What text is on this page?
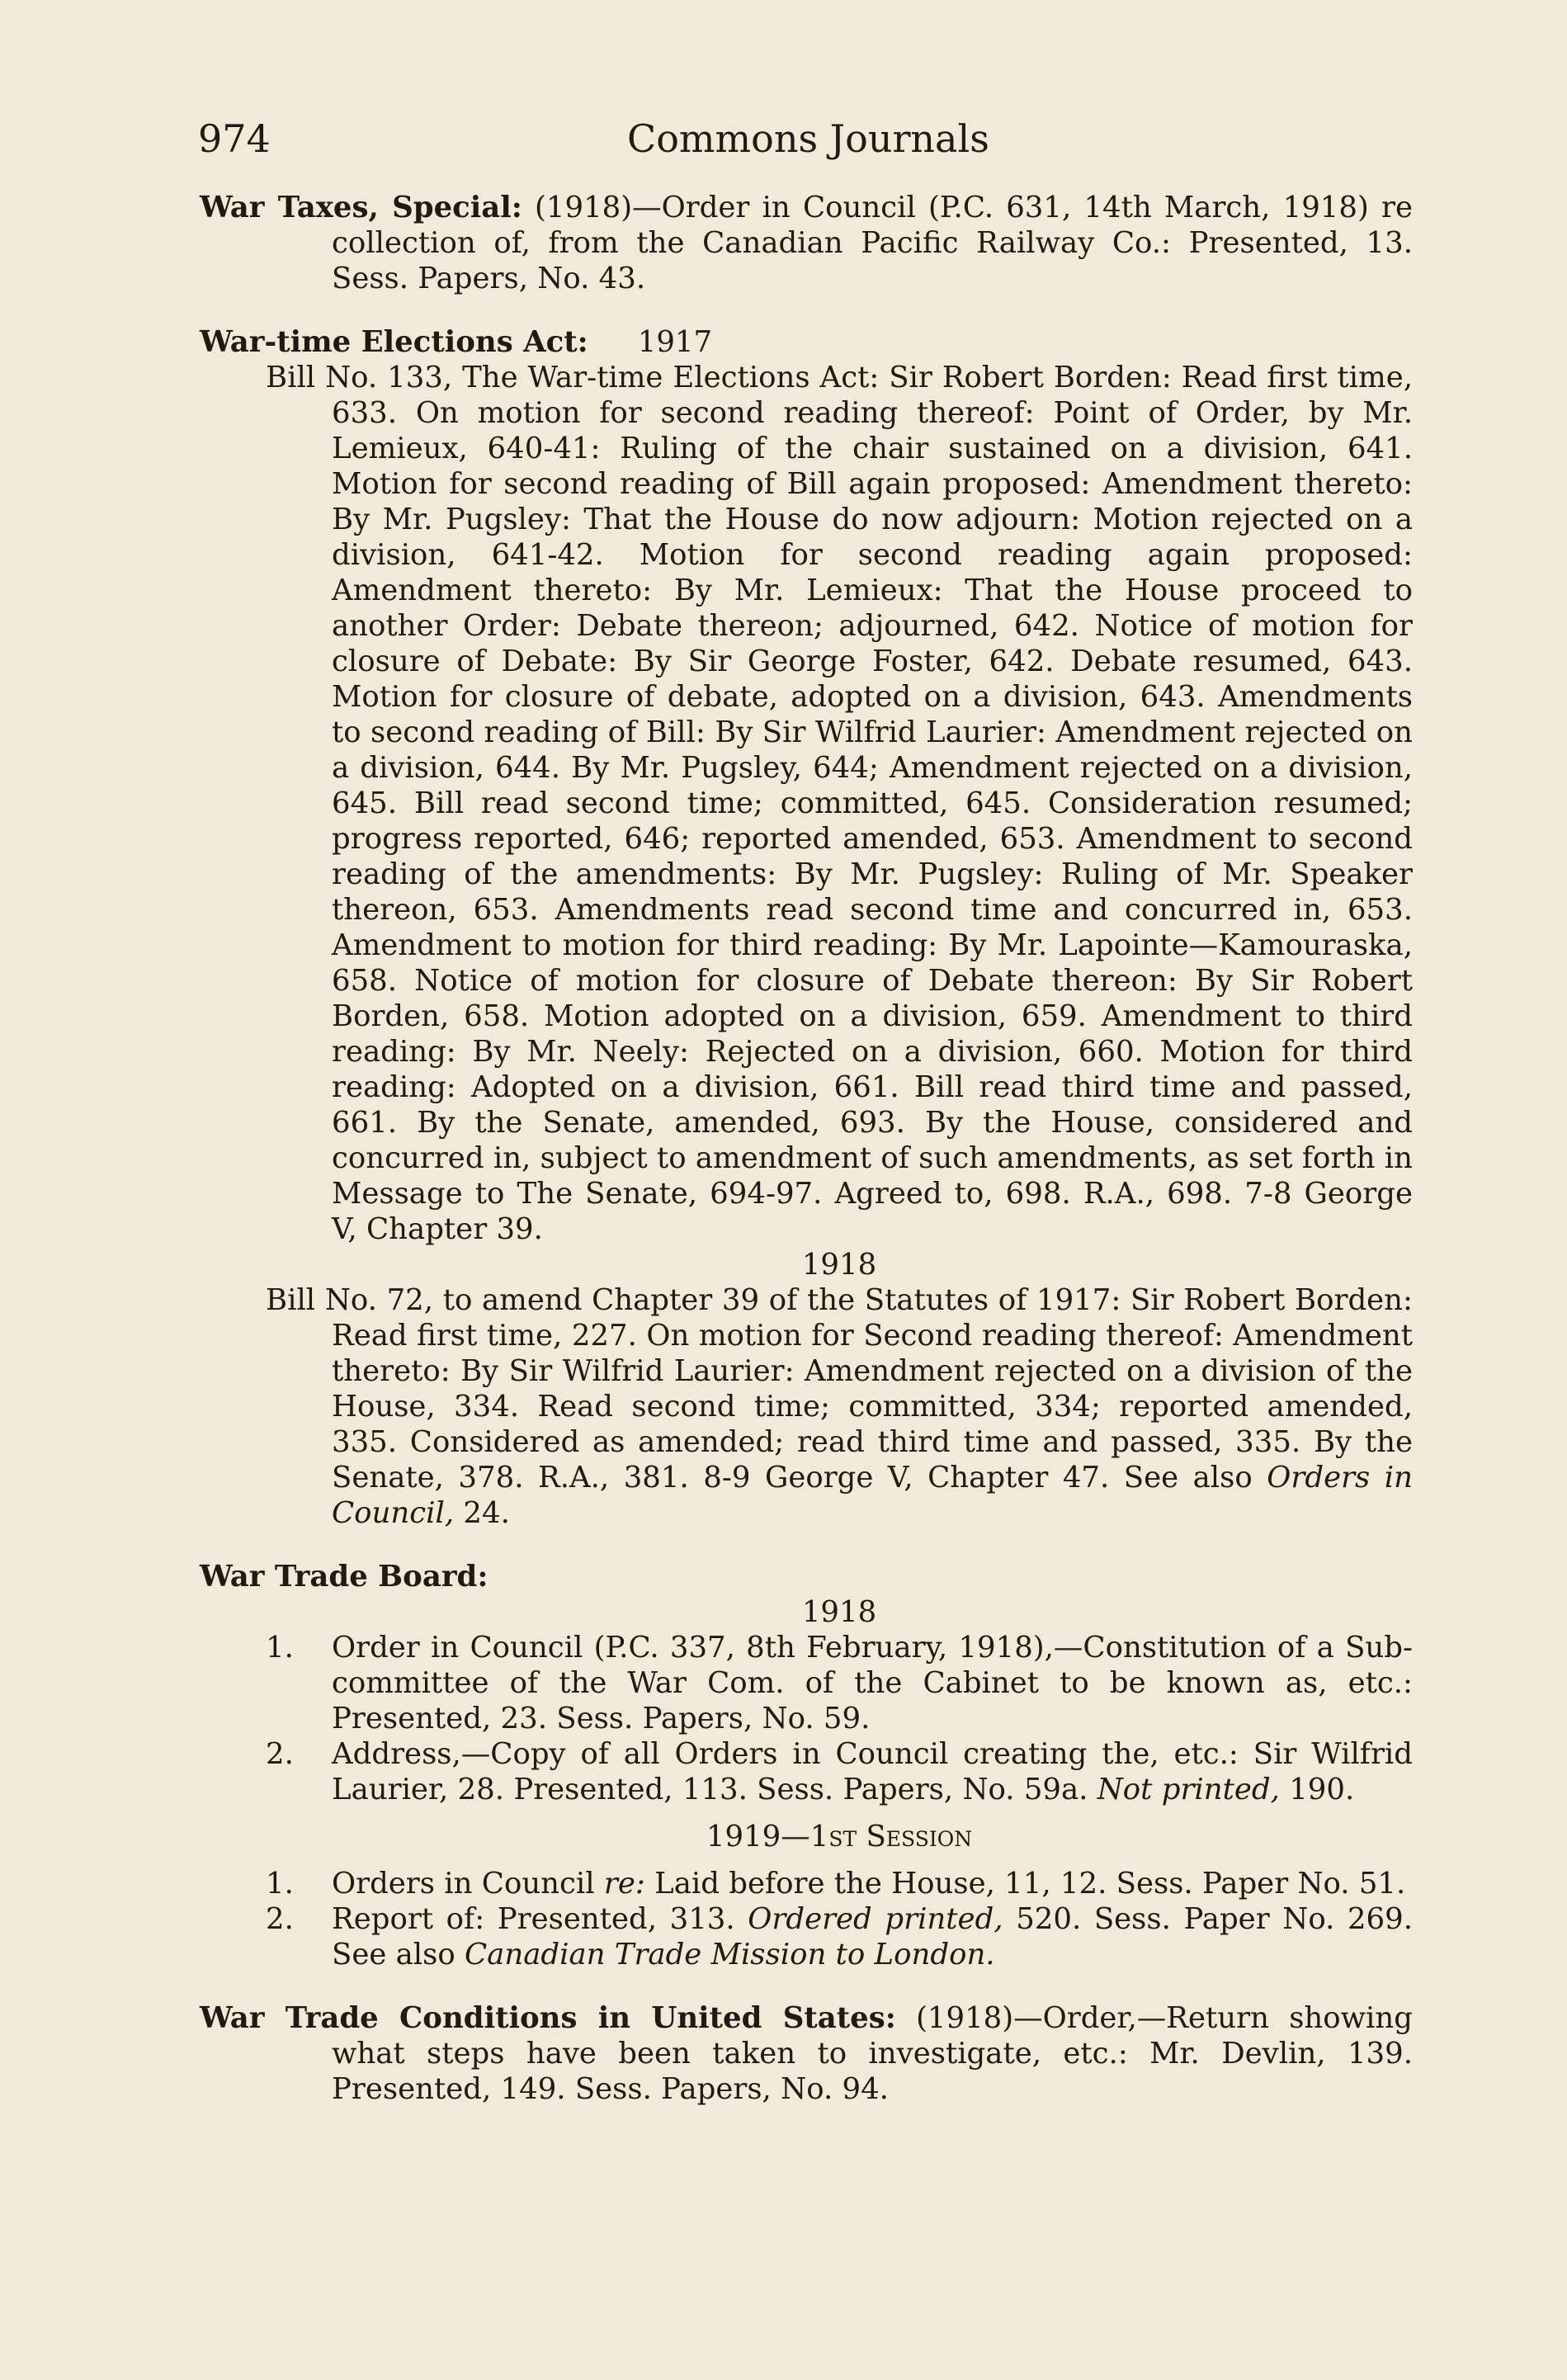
974	Commons Journals
War Taxes, Special: (1918)—Order in Council (P.C. 631, 14th March, 1918) re collection of, from the Canadian Pacific Railway Co.: Presented, 13. Sess. Papers, No. 43.
War-time Elections Act: 1917
Bill No. 133, The War-time Elections Act: Sir Robert Borden: Read first time, 633. On motion for second reading thereof: Point of Order, by Mr. Lemieux, 640-41: Ruling of the chair sustained on a division, 641. Motion for second reading of Bill again proposed: Amendment thereto: By Mr. Pugsley: That the House do now adjourn: Motion rejected on a division, 641-42. Motion for second reading again proposed: Amendment thereto: By Mr. Lemieux: That the House proceed to another Order: Debate thereon; adjourned, 642. Notice of motion for closure of Debate: By Sir George Foster, 642. Debate resumed, 643. Motion for closure of debate, adopted on a division, 643. Amendments to second reading of Bill: By Sir Wilfrid Laurier: Amendment rejected on a division, 644. By Mr. Pugsley, 644; Amendment rejected on a division, 645. Bill read second time; committed, 645. Consideration resumed; progress reported, 646; reported amended, 653. Amendment to second reading of the amendments: By Mr. Pugsley: Ruling of Mr. Speaker thereon, 653. Amendments read second time and concurred in, 653. Amendment to motion for third reading: By Mr. Lapointe—Kamouraska, 658. Notice of motion for closure of Debate thereon: By Sir Robert Borden, 658. Motion adopted on a division, 659. Amendment to third reading: By Mr. Neely: Rejected on a division, 660. Motion for third reading: Adopted on a division, 661. Bill read third time and passed, 661. By the Senate, amended, 693. By the House, considered and concurred in, subject to amendment of such amendments, as set forth in Message to The Senate, 694-97. Agreed to, 698. R.A., 698. 7-8 George V, Chapter 39.
1918
Bill No. 72, to amend Chapter 39 of the Statutes of 1917: Sir Robert Borden: Read first time, 227. On motion for Second reading thereof: Amendment thereto: By Sir Wilfrid Laurier: Amendment rejected on a division of the House, 334. Read second time; committed, 334; reported amended, 335. Considered as amended; read third time and passed, 335. By the Senate, 378. R.A., 381. 8-9 George V, Chapter 47. See also Orders in Council, 24.
War Trade Board:
1918
1. Order in Council (P.C. 337, 8th February, 1918),—Constitution of a Sub-committee of the War Com. of the Cabinet to be known as, etc.: Presented, 23. Sess. Papers, No. 59.
2. Address,—Copy of all Orders in Council creating the, etc.: Sir Wilfrid Laurier, 28. Presented, 113. Sess. Papers, No. 59a. Not printed, 190.
1919—1st Session
1. Orders in Council re: Laid before the House, 11, 12. Sess. Paper No. 51.
2. Report of: Presented, 313. Ordered printed, 520. Sess. Paper No. 269. See also Canadian Trade Mission to London.
War Trade Conditions in United States: (1918)—Order,—Return showing what steps have been taken to investigate, etc.: Mr. Devlin, 139. Presented, 149. Sess. Papers, No. 94.
